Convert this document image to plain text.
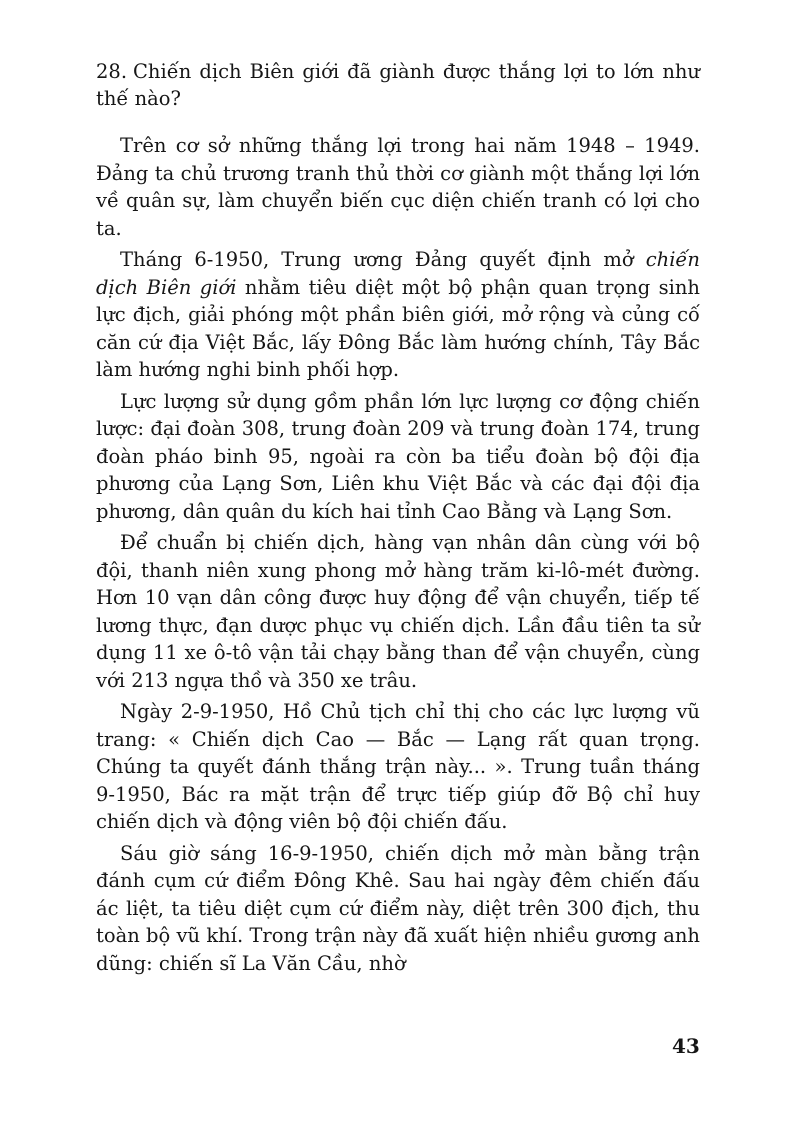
28. Chiến dịch Biên giới đã giành được thắng lợi to lớn như thế nào?

Trên cơ sở những thắng lợi trong hai năm 1948 – 1949. Đảng ta chủ trương tranh thủ thời cơ giành một thắng lợi lớn về quân sự, làm chuyển biến cục diện chiến tranh có lợi cho ta.

Tháng 6-1950, Trung ương Đảng quyết định mở chiến dịch Biên giới nhằm tiêu diệt một bộ phận quan trọng sinh lực địch, giải phóng một phần biên giới, mở rộng và củng cố căn cứ địa Việt Bắc, lấy Đông Bắc làm hướng chính, Tây Bắc làm hướng nghi binh phối hợp.

Lực lượng sử dụng gồm phần lớn lực lượng cơ động chiến lược: đại đoàn 308, trung đoàn 209 và trung đoàn 174, trung đoàn pháo binh 95, ngoài ra còn ba tiểu đoàn bộ đội địa phương của Lạng Sơn, Liên khu Việt Bắc và các đại đội địa phương, dân quân du kích hai tỉnh Cao Bằng và Lạng Sơn.

Để chuẩn bị chiến dịch, hàng vạn nhân dân cùng với bộ đội, thanh niên xung phong mở hàng trăm ki-lô-mét đường. Hơn 10 vạn dân công được huy động để vận chuyển, tiếp tế lương thực, đạn dược phục vụ chiến dịch. Lần đầu tiên ta sử dụng 11 xe ô-tô vận tải chạy bằng than để vận chuyển, cùng với 213 ngựa thồ và 350 xe trâu.

Ngày 2-9-1950, Hồ Chủ tịch chỉ thị cho các lực lượng vũ trang: « Chiến dịch Cao — Bắc — Lạng rất quan trọng. Chúng ta quyết đánh thắng trận này... ». Trung tuần tháng 9-1950, Bác ra mặt trận để trực tiếp giúp đỡ Bộ chỉ huy chiến dịch và động viên bộ đội chiến đấu.

Sáu giờ sáng 16-9-1950, chiến dịch mở màn bằng trận đánh cụm cứ điểm Đông Khê. Sau hai ngày đêm chiến đấu ác liệt, ta tiêu diệt cụm cứ điểm này, diệt trên 300 địch, thu toàn bộ vũ khí. Trong trận này đã xuất hiện nhiều gương anh dũng: chiến sĩ La Văn Cầu, nhờ

43
